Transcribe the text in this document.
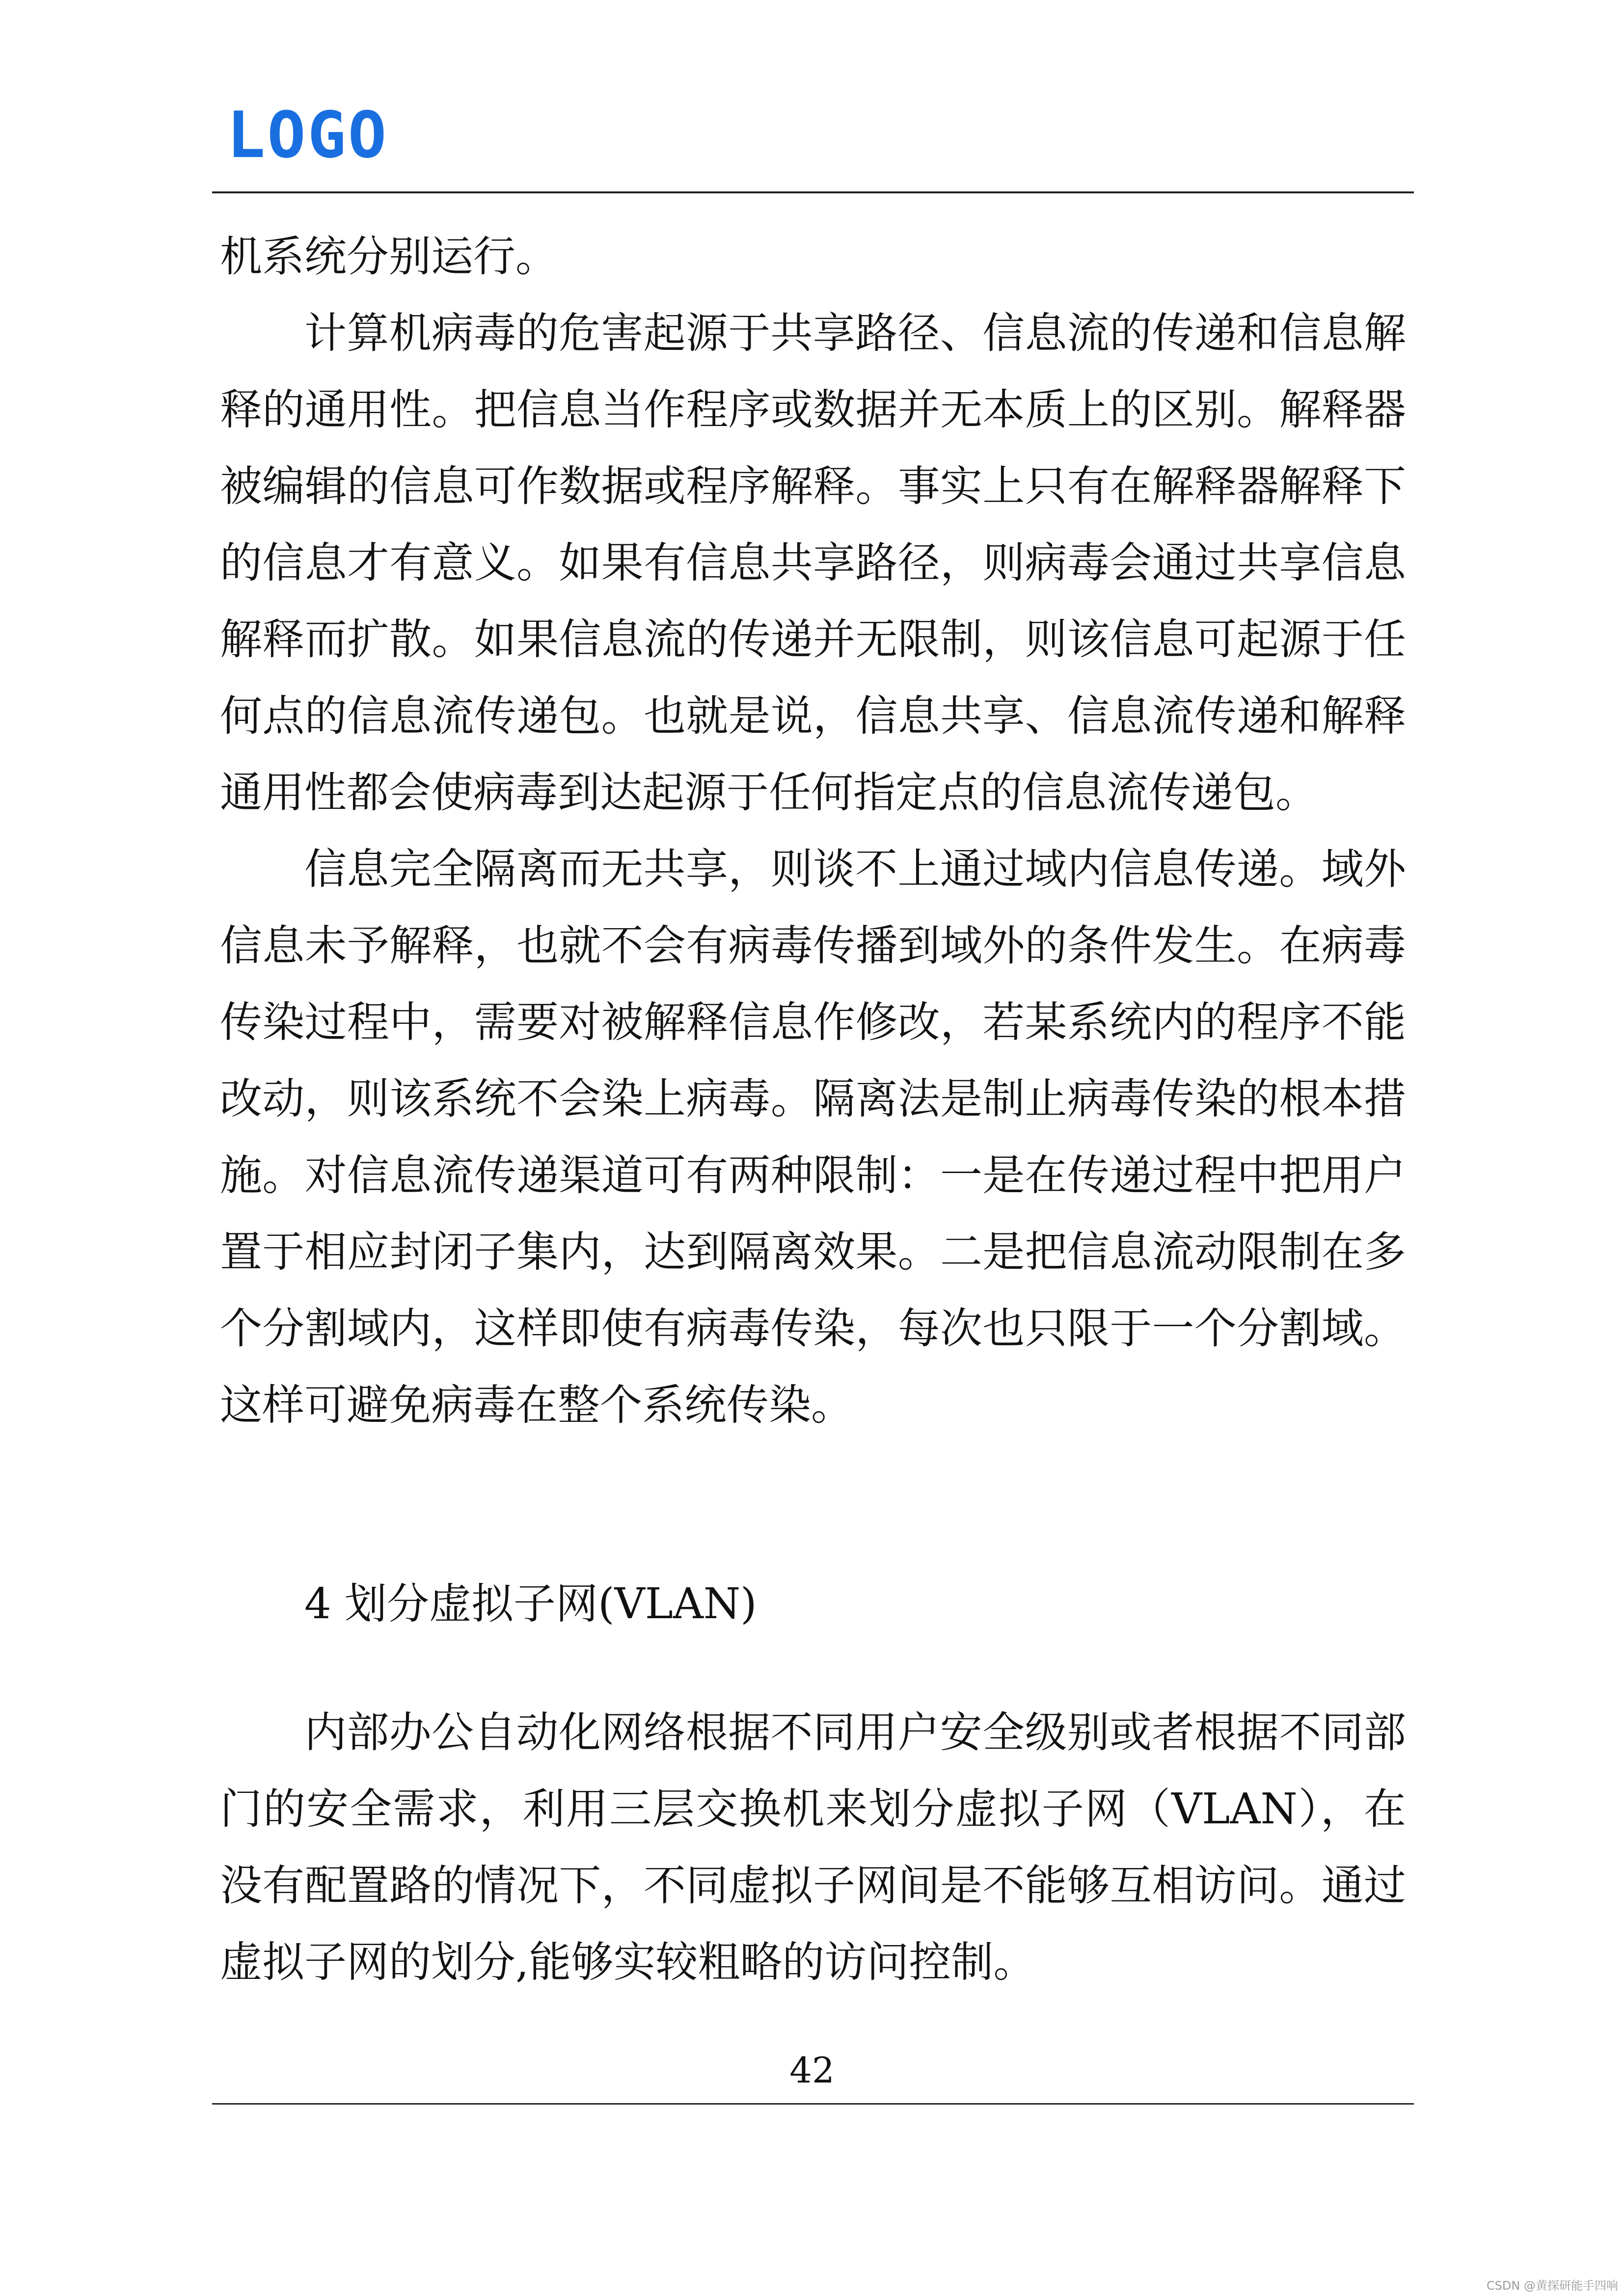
LOGO

机系统分别运行。

计算机病毒的危害起源于共享路径、信息流的传递和信息解释的通用性。把信息当作程序或数据并无本质上的区别。解释器被编辑的信息可作数据或程序解释。事实上只有在解释器解释下的信息才有意义。如果有信息共享路径，则病毒会通过共享信息解释而扩散。如果信息流的传递并无限制，则该信息可起源于任何点的信息流传递包。也就是说，信息共享、信息流传递和解释通用性都会使病毒到达起源于任何指定点的信息流传递包。

信息完全隔离而无共享，则谈不上通过域内信息传递。域外信息未予解释，也就不会有病毒传播到域外的条件发生。在病毒传染过程中，需要对被解释信息作修改，若某系统内的程序不能改动，则该系统不会染上病毒。隔离法是制止病毒传染的根本措施。对信息流传递渠道可有两种限制：一是在传递过程中把用户置于相应封闭子集内，达到隔离效果。二是把信息流动限制在多个分割域内，这样即使有病毒传染，每次也只限于一个分割域。这样可避免病毒在整个系统传染。

4 划分虚拟子网(VLAN)

内部办公自动化网络根据不同用户安全级别或者根据不同部门的安全需求，利用三层交换机来划分虚拟子网（VLAN），在没有配置路的情况下，不同虚拟子网间是不能够互相访问。通过虚拟子网的划分,能够实较粗略的访问控制。

42
CSDN @黄探研能手四响
